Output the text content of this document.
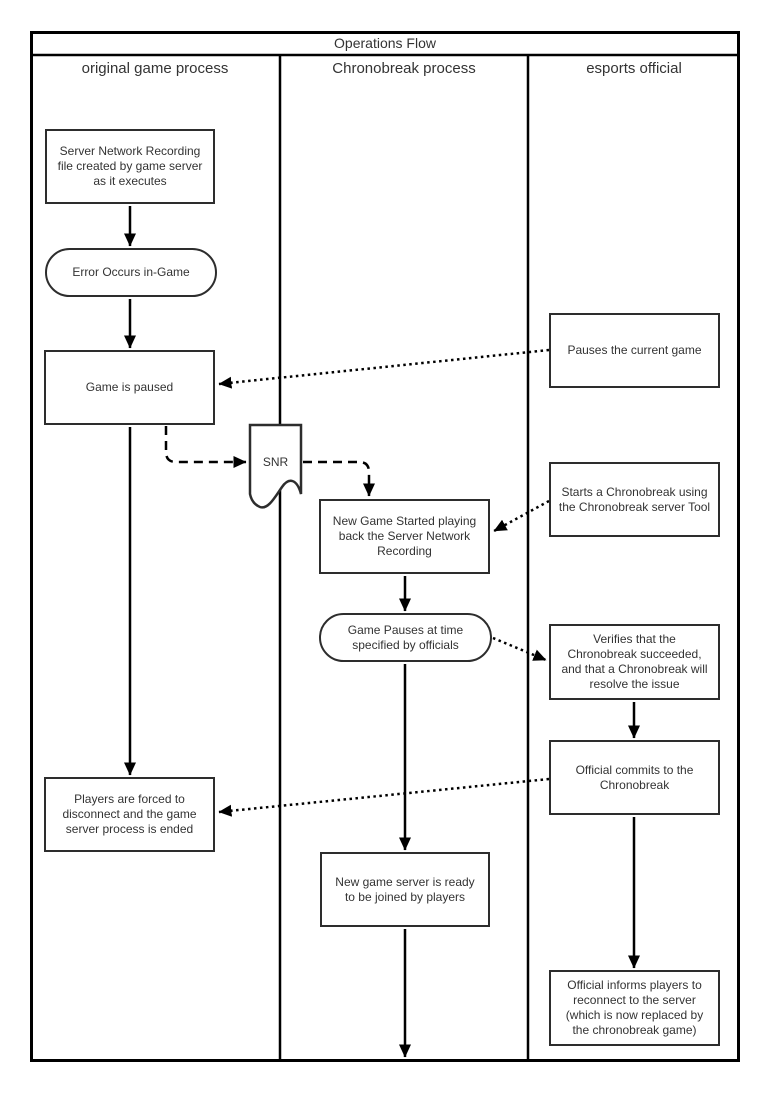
Operations Flow
original game process	Chronobreak process	esports official
Server Network Recording file created by game server as it executes
Error Occurs in-Game
Game is paused
Players are forced to disconnect and the game server process is ended
SNR
New Game Started playing back the Server Network Recording
Game Pauses at time specified by officials
New game server is ready to be joined by players
Pauses the current game
Starts a Chronobreak using the Chronobreak server Tool
Verifies that the Chronobreak succeeded, and that a Chronobreak will resolve the issue
Official commits to the Chronobreak
Official informs players to reconnect to the server (which is now replaced by the chronobreak game)
